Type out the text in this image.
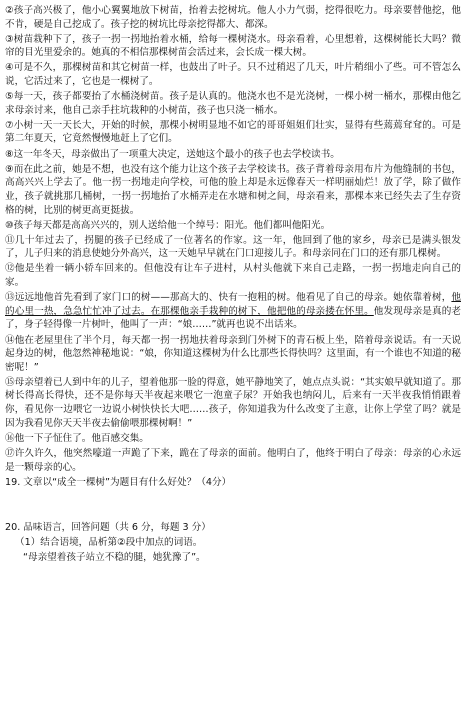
②孩子高兴极了，他小心翼翼地放下树苗，抬着去挖树坑。他人小力气弱，挖得很吃力。母亲要替他挖，他不肯，硬是自己挖成了。孩子挖的树坑比母亲挖得都大、都深。

③树苗栽种下了，孩子一拐一拐地抬着水桶，给每一棵树浇水。母亲看着，心里想着，这棵树能长大吗？微帘的目光里爱余的。她真的不相信那棵树苗会活过来，会长成一棵大树。

④可是不久，那棵树苗和其它树苗一样，也鼓出了叶子。只不过稍迟了几天，叶片稍细小了些。可不管怎么说，它活过来了，它也是一棵树了。

⑤每一天，孩子都要抬了水桶浇树苗。孩子是认真的。他浇水也不是光浇树，一棵小树一桶水，那棵由他乞求母亲讨来，他自己亲手拄坑栽种的小树苗，孩子也只浇一桶水。

⑦小树一天一天长大，开始的时候，那棵小树明显地不如它的哥哥姐姐们壮实，显得有些蔫蔫耷耷的。可是第二年夏天，它竟然慢慢地赶上了它们。

⑧这一年冬天，母亲做出了一项重大决定，送她这个最小的孩子也去学校读书。

⑨而在此之前，她是不想，也没有这个能力让这个孩子去学校读书。孩子背着母亲用布片为他缝制的书包，高高兴兴上学去了。他一拐一拐地走向学校，可他的脸上却是永远像春天一样明丽灿烂！放了学，除了做作业，孩子就挑那几桶树，一拐一拐地抬了水桶弄走在水塘和树之间，母亲看来，那棵本来已经失去了生存资格的树，比别的树更高更挺拔。

⑩孩子每天都是高高兴兴的，别人送给他一个绰号：阳光。他们都叫他阳光。

⑪几十年过去了，拐腿的孩子已经成了一位著名的作家。这一年，他回到了他的家乡，母亲已是满头银发了，儿子归来的消息使她分外高兴，这一天她早早就在门口迎接儿子。和母亲同在门口的还有那几棵树。

⑫他是坐着一辆小轿车回来的。但他没有让车子进村，从村头他就下来自己走路，一拐一拐地走向自己的家。

⑬远远地他首先看到了家门口的树——那高大的、快有一抱粗的树。他看见了自己的母亲。她依靠着树，他的心里一热，急急忙忙冲了过去。在那棵他亲手栽种的树下，他把他的母亲搂在怀里。他发现母亲是真的老了，身子轻得像一片树叶，他叫了一声：“娘……”就再也说不出话来。

⑭他在老屋里住了半个月，每天都一拐一拐地扶着母亲到门外树下的青石板上坐，陪着母亲说话。有一天说起身边的树，他忽然神秘地说：“娘，你知道这棵树为什么比那些长得快吗？这里面，有一个谁也不知道的秘密呢！”

⑮母亲望着已人到中年的儿子，望着他那一脸的得意，她平静地笑了，她点点头说：“其实娘早就知道了。那树长得高长得快，还不是你每天半夜起来喂它一泡童子尿？开始我也纳闷儿，后来有一天半夜我悄悄跟着你，看见你一边喂它一边说小树快快长大吧……孩子，你知道我为什么改变了主意，让你上学堂了吗？就是因为我看见你天天半夜去偷偷喂那棵树啊！”

⑯他一下子怔住了。他百感交集。

⑰许久许久，他突然嚎道一声跪了下来，跪在了母亲的面前。他明白了，他终于明白了母亲：母亲的心永远是一颗母亲的心。

19. 文章以“成全一棵树”为题目有什么好处？（4分）

20. 品味语言，回答问题（共 6 分，每题 3 分）

（1）结合语境，品析第②段中加点的词语。

“母亲望着孩子站立不稳的腿，她犹豫了”。
